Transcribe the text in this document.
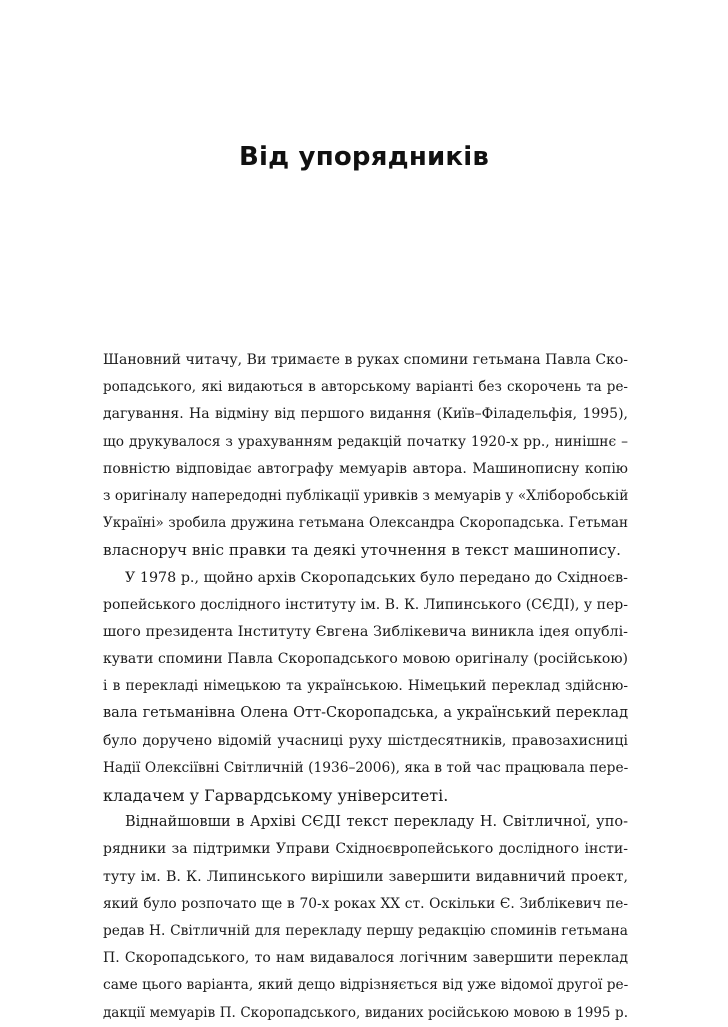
Від упорядників
Шановний читачу, Ви тримаєте в руках спомини гетьмана Павла Ско-
ропадського, які видаються в авторському варіанті без скорочень та ре-
дагування. На відміну від першого видання (Київ–Філадельфія, 1995),
що друкувалося з урахуванням редакцій початку 1920-х рр., нинішнє –
повністю відповідає автографу мемуарів автора. Машинописну копію
з оригіналу напередодні публікації уривків з мемуарів у «Хліборобській
Україні» зробила дружина гетьмана Олександра Скоропадська. Гетьман
власноруч вніс правки та деякі уточнення в текст машинопису.
У 1978 р., щойно архів Скоропадських було передано до Східноєв-
ропейського дослідного інституту ім. В. К. Липинського (СЄДІ), у пер-
шого президента Інституту Євгена Зиблікевича виникла ідея опублі-
кувати спомини Павла Скоропадського мовою оригіналу (російською)
і в перекладі німецькою та українською. Німецький переклад здійсню-
вала гетьманівна Олена Отт-Скоропадська, а український переклад
було доручено відомій учасниці руху шістдесятників, правозахисниці
Надії Олексіївні Світличній (1936–2006), яка в той час працювала пере-
кладачем у Гарвардському університеті.
Віднайшовши в Архіві СЄДІ текст перекладу Н. Світличної, упо-
рядники за підтримки Управи Східноєвропейського дослідного інсти-
туту ім. В. К. Липинського вирішили завершити видавничий проект,
який було розпочато ще в 70-х роках ХХ ст. Оскільки Є. Зиблікевич пе-
редав Н. Світличній для перекладу першу редакцію споминів гетьмана
П. Скоропадського, то нам видавалося логічним завершити переклад
саме цього варіанта, який дещо відрізняється від уже відомої другої ре-
дакції мемуарів П. Скоропадського, виданих російською мовою в 1995 р.
